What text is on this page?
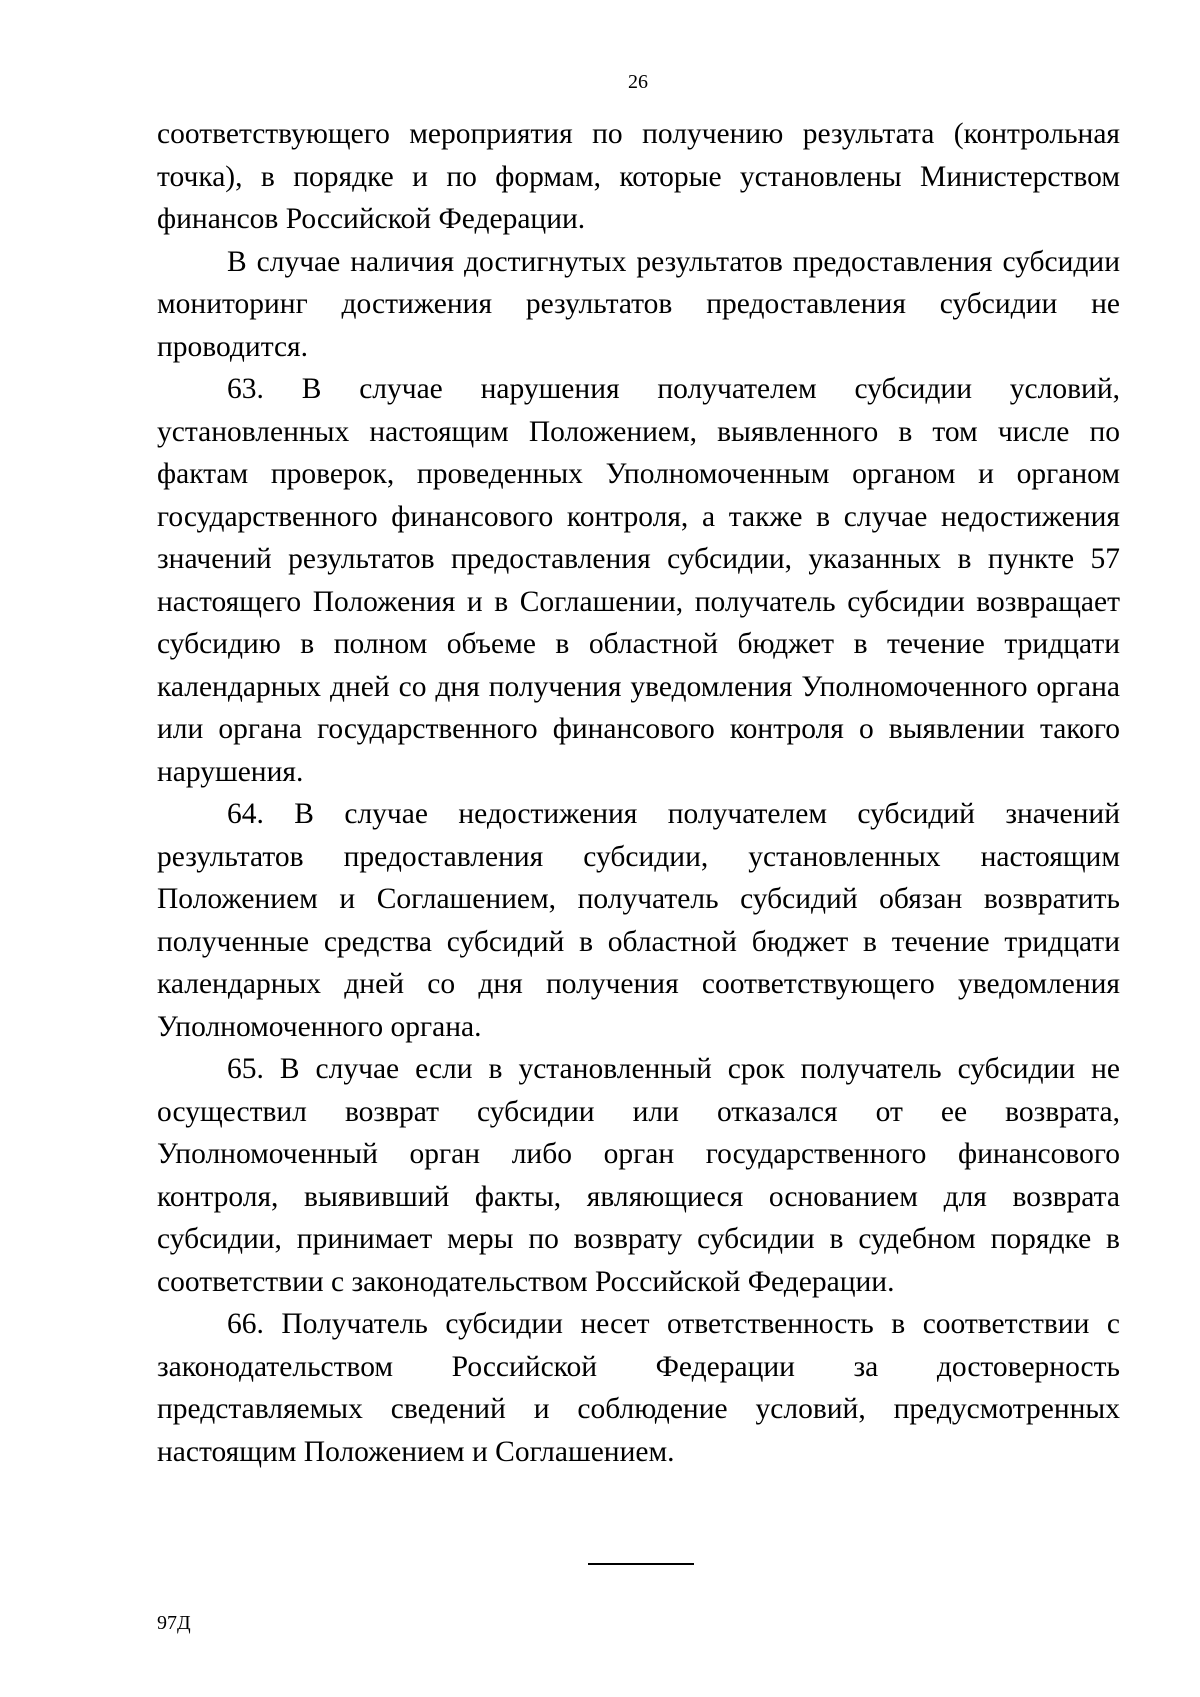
26

соответствующего мероприятия по получению результата (контрольная точка), в порядке и по формам, которые установлены Министерством финансов Российской Федерации.

В случае наличия достигнутых результатов предоставления субсидии мониторинг достижения результатов предоставления субсидии не проводится.

63. В случае нарушения получателем субсидии условий, установленных настоящим Положением, выявленного в том числе по фактам проверок, проведенных Уполномоченным органом и органом государственного финансового контроля, а также в случае недостижения значений результатов предоставления субсидии, указанных в пункте 57 настоящего Положения и в Соглашении, получатель субсидии возвращает субсидию в полном объеме в областной бюджет в течение тридцати календарных дней со дня получения уведомления Уполномоченного органа или органа государственного финансового контроля о выявлении такого нарушения.

64. В случае недостижения получателем субсидий значений результатов предоставления субсидии, установленных настоящим Положением и Соглашением, получатель субсидий обязан возвратить полученные средства субсидий в областной бюджет в течение тридцати календарных дней со дня получения соответствующего уведомления Уполномоченного органа.

65. В случае если в установленный срок получатель субсидии не осуществил возврат субсидии или отказался от ее возврата, Уполномоченный орган либо орган государственного финансового контроля, выявивший факты, являющиеся основанием для возврата субсидии, принимает меры по возврату субсидии в судебном порядке в соответствии с законодательством Российской Федерации.

66. Получатель субсидии несет ответственность в соответствии с законодательством Российской Федерации за достоверность представляемых сведений и соблюдение условий, предусмотренных настоящим Положением и Соглашением.

97Д
